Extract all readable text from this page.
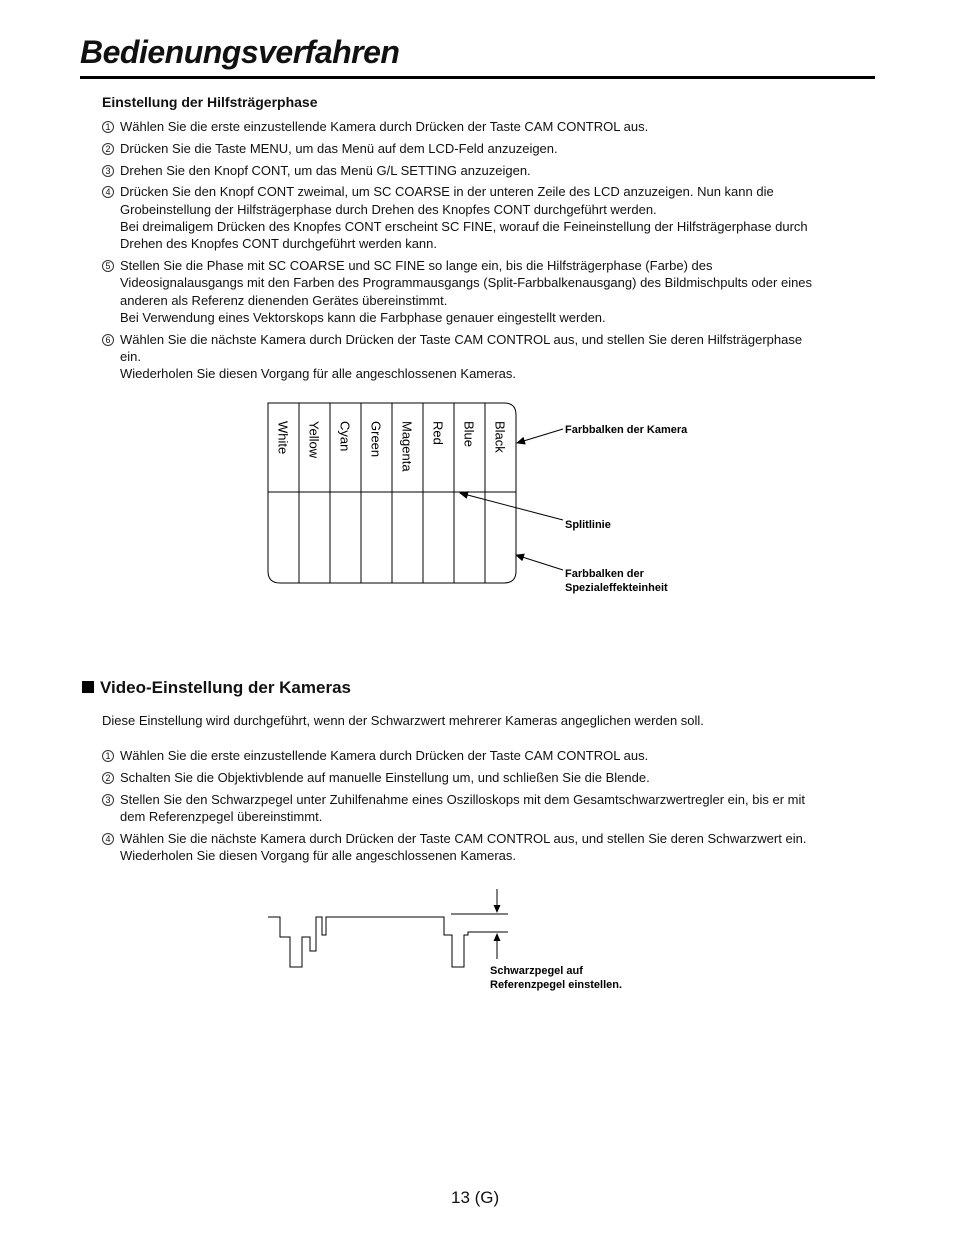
Bedienungsverfahren
Einstellung der Hilfsträgerphase
1 Wählen Sie die erste einzustellende Kamera durch Drücken der Taste CAM CONTROL aus.
2 Drücken Sie die Taste MENU, um das Menü auf dem LCD-Feld anzuzeigen.
3 Drehen Sie den Knopf CONT, um das Menü G/L SETTING anzuzeigen.
4 Drücken Sie den Knopf CONT zweimal, um SC COARSE in der unteren Zeile des LCD anzuzeigen. Nun kann die
Grobeinstellung der Hilfsträgerphase durch Drehen des Knopfes CONT durchgeführt werden.
Bei dreimaligem Drücken des Knopfes CONT erscheint SC FINE, worauf die Feineinstellung der Hilfsträgerphase durch
Drehen des Knopfes CONT durchgeführt werden kann.
5 Stellen Sie die Phase mit SC COARSE und SC FINE so lange ein, bis die Hilfsträgerphase (Farbe) des
Videosignalausgangs mit den Farben des Programmausgangs (Split-Farbbalkenausgang) des Bildmischpults oder eines
anderen als Referenz dienenden Gerätes übereinstimmt.
Bei Verwendung eines Vektorskops kann die Farbphase genauer eingestellt werden.
6 Wählen Sie die nächste Kamera durch Drücken der Taste CAM CONTROL aus, und stellen Sie deren Hilfsträgerphase
ein.
Wiederholen Sie diesen Vorgang für alle angeschlossenen Kameras.
White Yellow Cyan Green Magenta Red Blue Black	Farbbalken der Kamera
Splitlinie
Farbbalken der
Spezialeffekteinheit
Video-Einstellung der Kameras
Diese Einstellung wird durchgeführt, wenn der Schwarzwert mehrerer Kameras angeglichen werden soll.
1 Wählen Sie die erste einzustellende Kamera durch Drücken der Taste CAM CONTROL aus.
2 Schalten Sie die Objektivblende auf manuelle Einstellung um, und schließen Sie die Blende.
3 Stellen Sie den Schwarzpegel unter Zuhilfenahme eines Oszilloskops mit dem Gesamtschwarzwertregler ein, bis er mit
dem Referenzpegel übereinstimmt.
4 Wählen Sie die nächste Kamera durch Drücken der Taste CAM CONTROL aus, und stellen Sie deren Schwarzwert ein.
Wiederholen Sie diesen Vorgang für alle angeschlossenen Kameras.
Schwarzpegel auf
Referenzpegel einstellen.
13 (G)
